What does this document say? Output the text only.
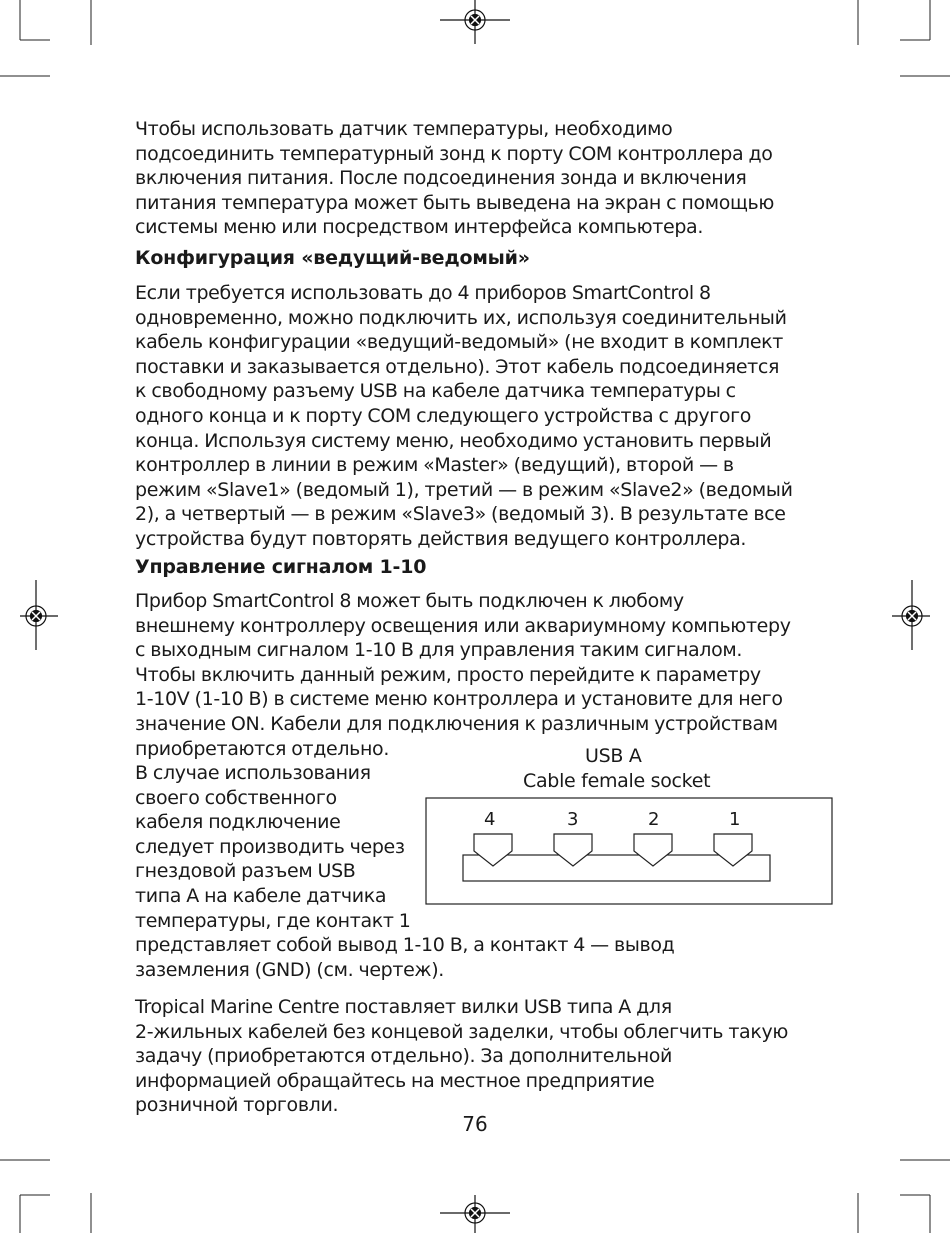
Чтобы использовать датчик температуры, необходимо
подсоединить температурный зонд к порту COM контроллера до
включения питания. После подсоединения зонда и включения
питания температура может быть выведена на экран с помощью
системы меню или посредством интерфейса компьютера.

Конфигурация «ведущий-ведомый»

Если требуется использовать до 4 приборов SmartControl 8
одновременно, можно подключить их, используя соединительный
кабель конфигурации «ведущий-ведомый» (не входит в комплект
поставки и заказывается отдельно). Этот кабель подсоединяется
к свободному разъему USB на кабеле датчика температуры с
одного конца и к порту COM следующего устройства с другого
конца. Используя систему меню, необходимо установить первый
контроллер в линии в режим «Master» (ведущий), второй — в
режим «Slave1» (ведомый 1), третий — в режим «Slave2» (ведомый
2), а четвертый — в режим «Slave3» (ведомый 3). В результате все
устройства будут повторять действия ведущего контроллера.

Управление сигналом 1-10

Прибор SmartControl 8 может быть подключен к любому
внешнему контроллеру освещения или аквариумному компьютеру
с выходным сигналом 1-10 В для управления таким сигналом.
Чтобы включить данный режим, просто перейдите к параметру
1-10V (1-10 В) в системе меню контроллера и установите для него
значение ON. Кабели для подключения к различным устройствам
приобретаются отдельно.

В случае использования
своего собственного
кабеля подключение
следует производить через
гнездовой разъем USB
типа A на кабеле датчика
температуры, где контакт 1

представляет собой вывод 1-10 В, а контакт 4 — вывод
заземления (GND) (см. чертеж).

USB A
Cable female socket
4	3	2	1

Tropical Marine Centre поставляет вилки USB типа A для
2-жильных кабелей без концевой заделки, чтобы облегчить такую
задачу (приобретаются отдельно). За дополнительной
информацией обращайтесь на местное предприятие
розничной торговли.

76
